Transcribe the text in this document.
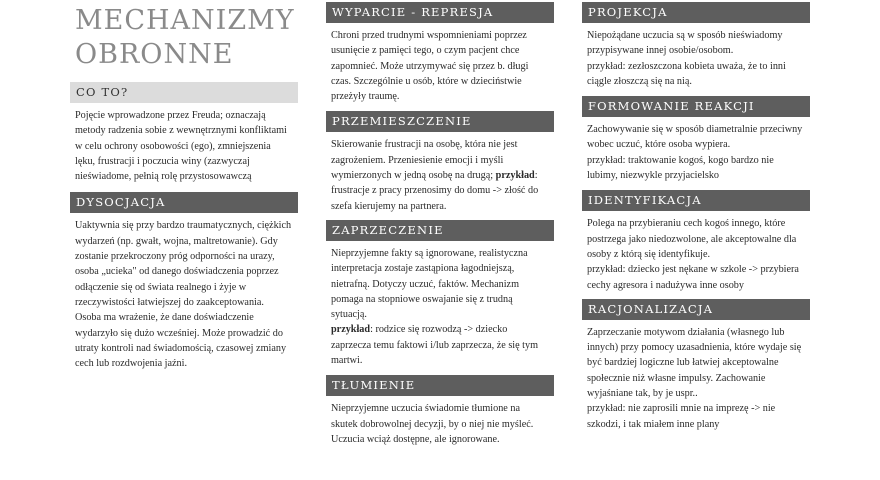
MECHANIZMY
OBRONNE
CO TO?

Pojęcie wprowadzone przez Freuda; oznaczają metody radzenia sobie z wewnętrznymi konfliktami w celu ochrony osobowości (ego), zmniejszenia lęku, frustracji i poczucia winy (zazwyczaj nieświadome, pełnią rolę przystosowawczą

DYSOCJACJA

Uaktywnia się przy bardzo traumatycznych, ciężkich wydarzeń (np. gwałt, wojna, maltretowanie). Gdy zostanie przekroczony próg odporności na urazy, osoba „ucieka" od danego doświadczenia poprzez odłączenie się od świata realnego i żyje w rzeczywistości łatwiejszej do zaakceptowania. Osoba ma wrażenie, że dane doświadczenie wydarzyło się dużo wcześniej. Może prowadzić do utraty kontroli nad świadomością, czasowej zmiany cech lub rozdwojenia jaźni.

WYPARCIE - REPRESJA

Chroni przed trudnymi wspomnieniami poprzez usunięcie z pamięci tego, o czym pacjent chce zapomnieć. Może utrzymywać się przez b. długi czas. Szczególnie u osób, które w dzieciństwie przeżyły traumę.

PRZEMIESZCZENIE

Skierowanie frustracji na osobę, która nie jest zagrożeniem. Przeniesienie emocji i myśli wymierzonych w jedną osobę na drugą; przykład: frustracje z pracy przenosimy do domu -> złość do szefa kierujemy na partnera.

ZAPRZECZENIE

Nieprzyjemne fakty są ignorowane, realistyczna interpretacja zostaje zastąpiona łagodniejszą, nietrafną. Dotyczy uczuć, faktów. Mechanizm pomaga na stopniowe oswajanie się z trudną sytuacją.
przykład: rodzice się rozwodzą -> dziecko zaprzecza temu faktowi i/lub zaprzecza, że się tym martwi.

TŁUMIENIE

Nieprzyjemne uczucia świadomie tłumione na skutek dobrowolnej decyzji, by o niej nie myśleć. Uczucia wciąż dostępne, ale ignorowane.

PROJEKCJA

Niepożądane uczucia są w sposób nieświadomy przypisywane innej osobie/osobom.
przykład: zezłoszczona kobieta uważa, że to inni ciągle złoszczą się na nią.

FORMOWANIE REAKCJI

Zachowywanie się w sposób diametralnie przeciwny wobec uczuć, które osoba wypiera.
przykład: traktowanie kogoś, kogo bardzo nie lubimy, niezwykle przyjacielsko

IDENTYFIKACJA

Polega na przybieraniu cech kogoś innego, które postrzega jako niedozwolone, ale akceptowalne dla osoby z którą się identyfikuje.
przykład: dziecko jest nękane w szkole -> przybiera cechy agresora i nadużywa inne osoby

RACJONALIZACJA

Zaprzeczanie motywom działania (własnego lub innych) przy pomocy uzasadnienia, które wydaje się być bardziej logiczne lub łatwiej akceptowalne społecznie niż własne impulsy. Zachowanie wyjaśniane tak, by je uspr..
przykład: nie zaprosili mnie na imprezę -> nie szkodzi, i tak miałem inne plany
